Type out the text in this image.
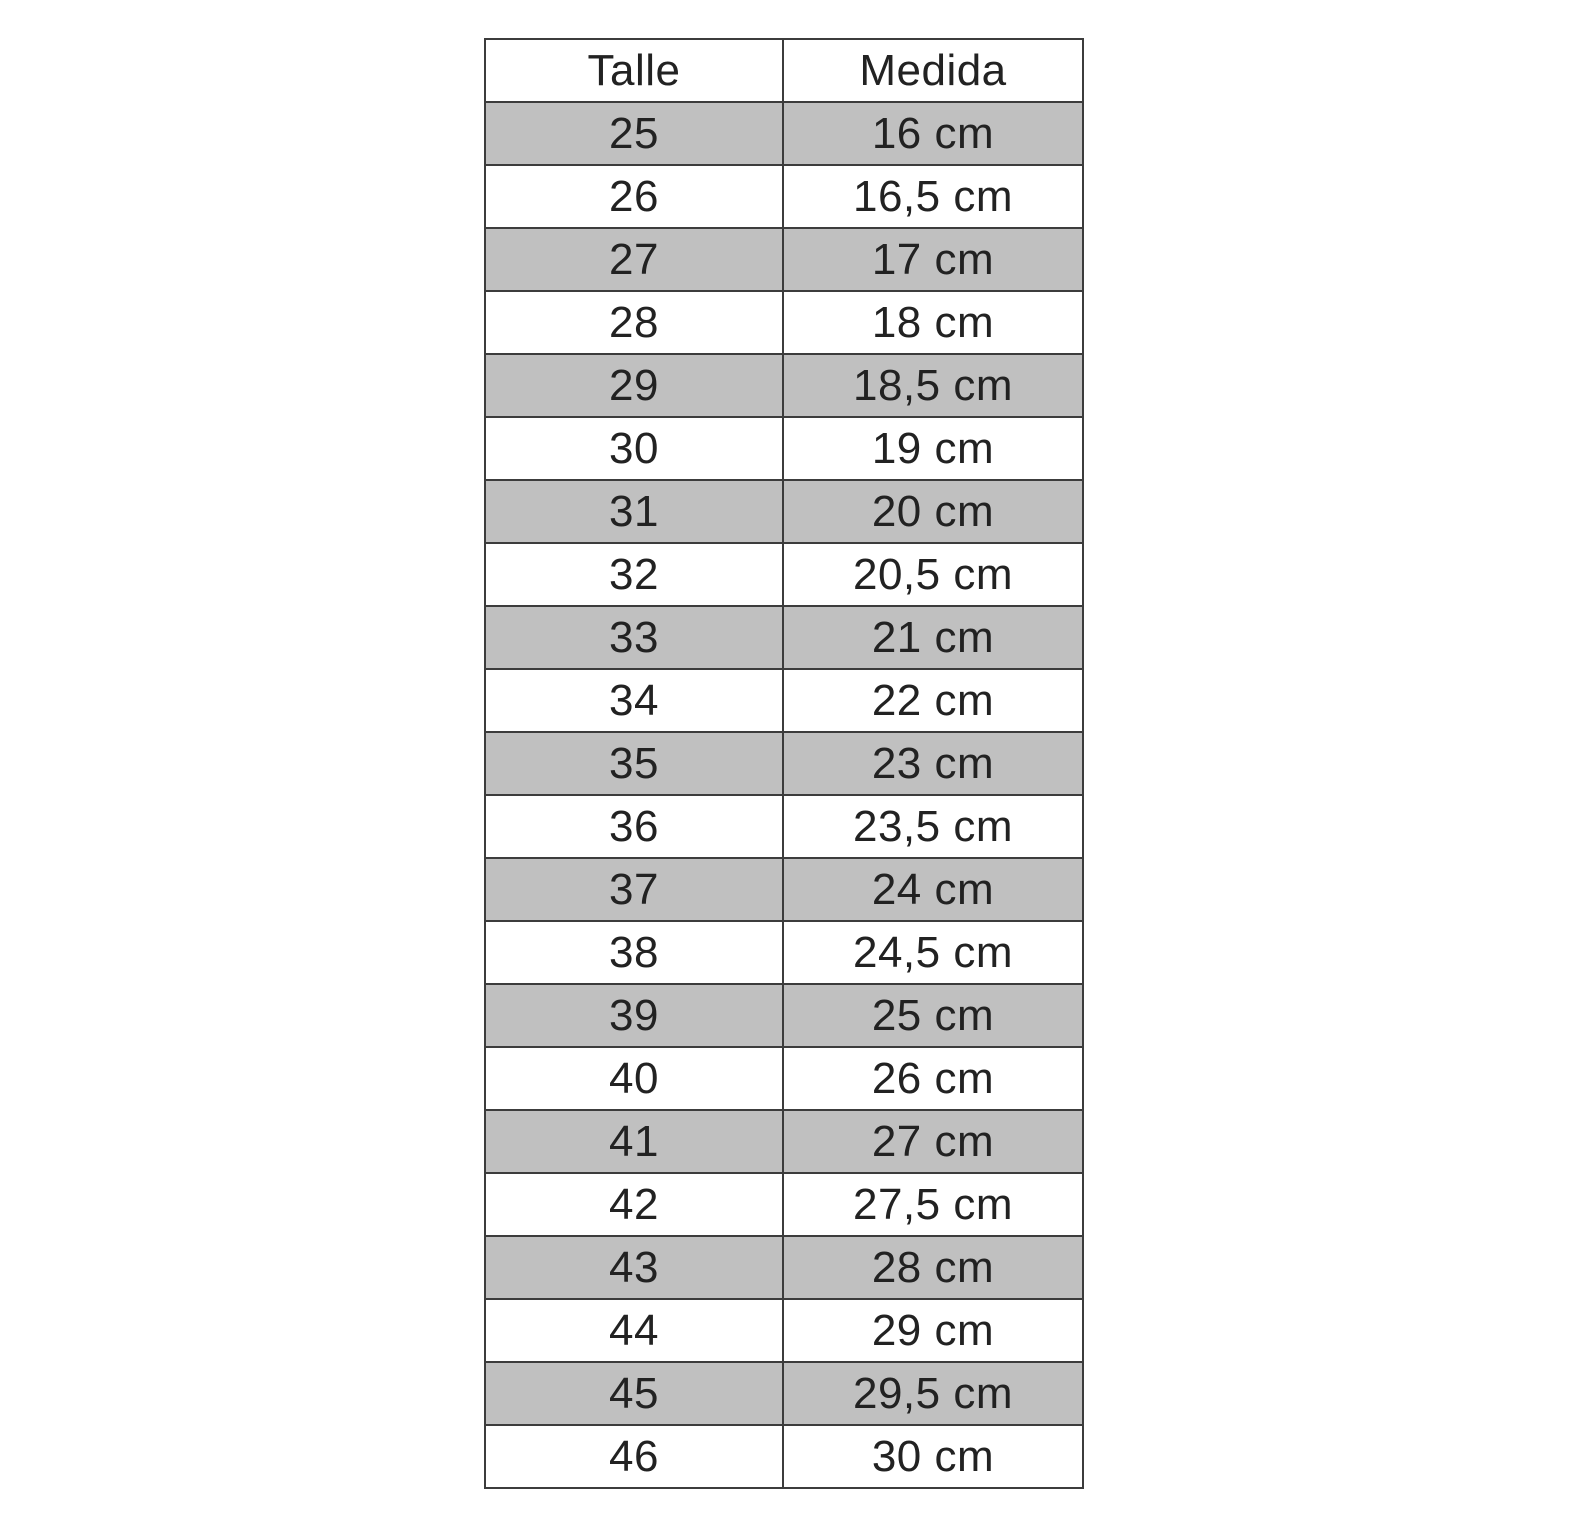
Talle	Medida
25	16 cm
26	16,5 cm
27	17 cm
28	18 cm
29	18,5 cm
30	19 cm
31	20 cm
32	20,5 cm
33	21 cm
34	22 cm
35	23 cm
36	23,5 cm
37	24 cm
38	24,5 cm
39	25 cm
40	26 cm
41	27 cm
42	27,5 cm
43	28 cm
44	29 cm
45	29,5 cm
46	30 cm
